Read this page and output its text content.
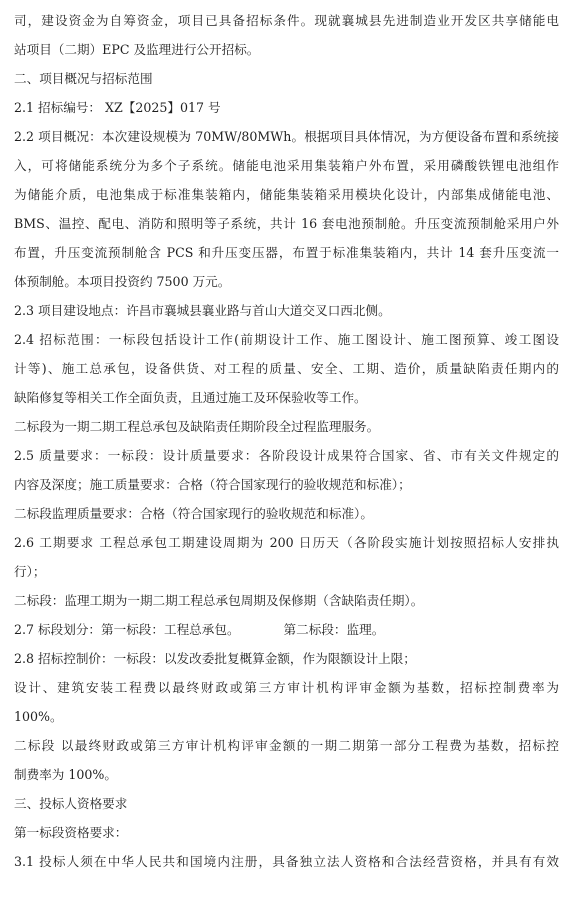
司，建设资金为自筹资金，项目已具备招标条件。现就襄城县先进制造业开发区共享储能电
站项目（二期）EPC 及监理进行公开招标。
二、项目概况与招标范围
2.1 招标编号： XZ【2025】017 号
2.2 项目概况：本次建设规模为 70MW/80MWh。根据项目具体情况，为方便设备布置和系统接
入，可将储能系统分为多个子系统。储能电池采用集装箱户外布置，采用磷酸铁锂电池组作
为储能介质，电池集成于标准集装箱内，储能集装箱采用模块化设计，内部集成储能电池、
BMS、温控、配电、消防和照明等子系统，共计 16 套电池预制舱。升压变流预制舱采用户外
布置，升压变流预制舱含 PCS 和升压变压器，布置于标准集装箱内，共计 14 套升压变流一
体预制舱。本项目投资约 7500 万元。
2.3 项目建设地点：许昌市襄城县襄业路与首山大道交叉口西北侧。
2.4 招标范围：一标段包括设计工作(前期设计工作、施工图设计、施工图预算、竣工图设
计等)、施工总承包，设备供货、对工程的质量、安全、工期、造价，质量缺陷责任期内的
缺陷修复等相关工作全面负责，且通过施工及环保验收等工作。
二标段为一期二期工程总承包及缺陷责任期阶段全过程监理服务。
2.5 质量要求：一标段：设计质量要求：各阶段设计成果符合国家、省、市有关文件规定的
内容及深度；施工质量要求：合格（符合国家现行的验收规范和标准）；
二标段监理质量要求：合格（符合国家现行的验收规范和标准）。
2.6 工期要求 工程总承包工期建设周期为 200 日历天（各阶段实施计划按照招标人安排执
行）；
二标段：监理工期为一期二期工程总承包周期及保修期（含缺陷责任期）。
2.7 标段划分：第一标段：工程总承包。	第二标段：监理。
2.8 招标控制价：一标段：以发改委批复概算金额，作为限额设计上限；
设计、建筑安装工程费以最终财政或第三方审计机构评审金额为基数，招标控制费率为
100%。
二标段 以最终财政或第三方审计机构评审金额的一期二期第一部分工程费为基数，招标控
制费率为 100%。
三、投标人资格要求
第一标段资格要求：
3.1 投标人须在中华人民共和国境内注册，具备独立法人资格和合法经营资格，并具有有效
